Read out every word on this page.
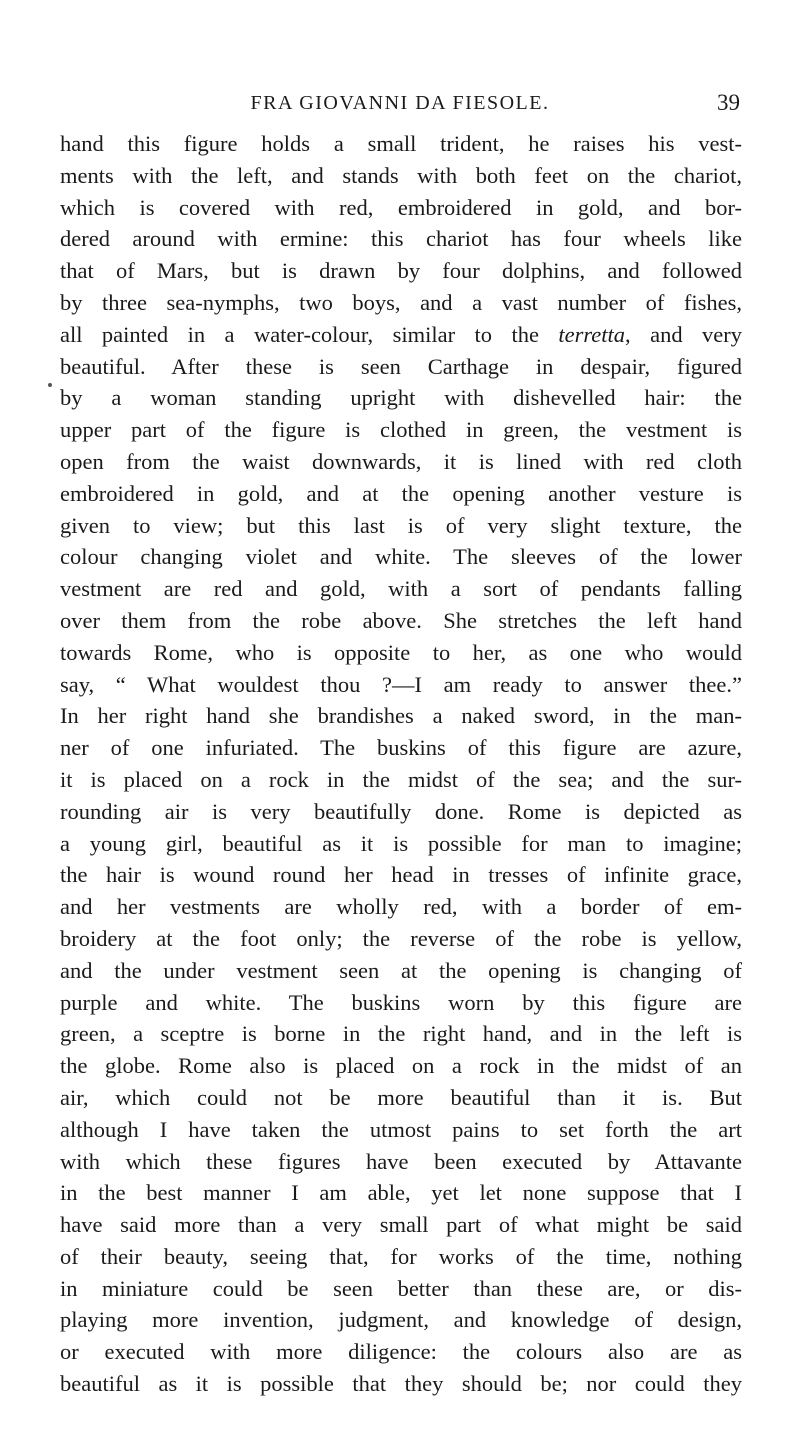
FRA GIOVANNI DA FIESOLE.	39
hand this figure holds a small trident, he raises his vest-
ments with the left, and stands with both feet on the chariot,
which is covered with red, embroidered in gold, and bor-
dered around with ermine: this chariot has four wheels like
that of Mars, but is drawn by four dolphins, and followed
by three sea-nymphs, two boys, and a vast number of fishes,
all painted in a water-colour, similar to the terretta, and very
beautiful. After these is seen Carthage in despair, figured
by a woman standing upright with dishevelled hair: the
upper part of the figure is clothed in green, the vestment is
open from the waist downwards, it is lined with red cloth
embroidered in gold, and at the opening another vesture is
given to view; but this last is of very slight texture, the
colour changing violet and white. The sleeves of the lower
vestment are red and gold, with a sort of pendants falling
over them from the robe above. She stretches the left hand
towards Rome, who is opposite to her, as one who would
say, “ What wouldest thou ?—I am ready to answer thee.”
In her right hand she brandishes a naked sword, in the man-
ner of one infuriated. The buskins of this figure are azure,
it is placed on a rock in the midst of the sea; and the sur-
rounding air is very beautifully done. Rome is depicted as
a young girl, beautiful as it is possible for man to imagine;
the hair is wound round her head in tresses of infinite grace,
and her vestments are wholly red, with a border of em-
broidery at the foot only; the reverse of the robe is yellow,
and the under vestment seen at the opening is changing of
purple and white. The buskins worn by this figure are
green, a sceptre is borne in the right hand, and in the left is
the globe. Rome also is placed on a rock in the midst of an
air, which could not be more beautiful than it is. But
although I have taken the utmost pains to set forth the art
with which these figures have been executed by Attavante
in the best manner I am able, yet let none suppose that I
have said more than a very small part of what might be said
of their beauty, seeing that, for works of the time, nothing
in miniature could be seen better than these are, or dis-
playing more invention, judgment, and knowledge of design,
or executed with more diligence: the colours also are as
beautiful as it is possible that they should be; nor could they
